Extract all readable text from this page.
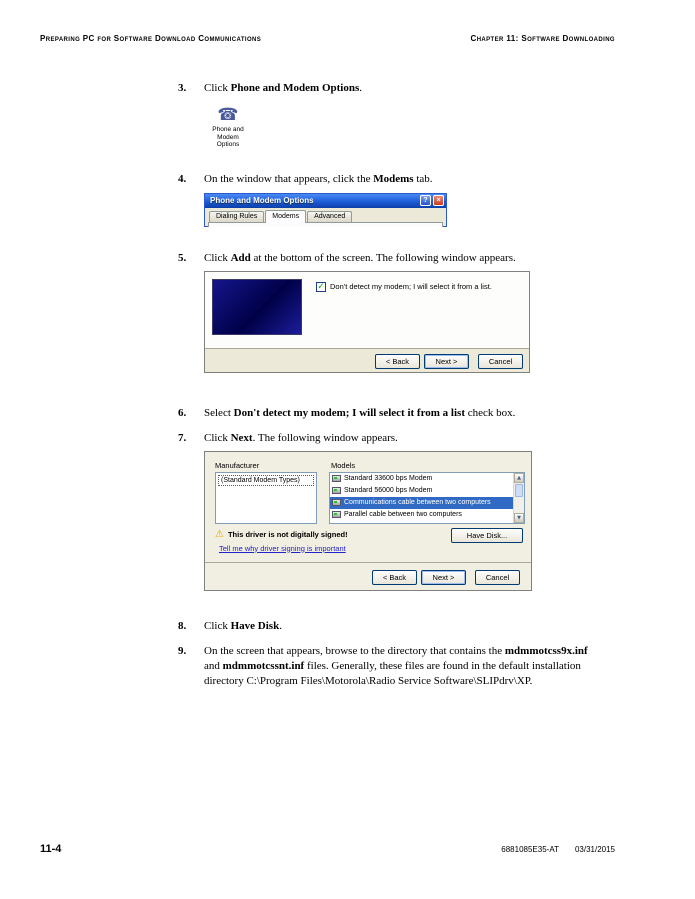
Preparing PC for Software Download Communications	Chapter 11: Software Downloading
3.	Click Phone and Modem Options.
☎
Phone and
Modem
Options
4.	On the window that appears, click the Modems tab.
Phone and Modem Options	?	×
Dialing Rules	Modems	Advanced
5.	Click Add at the bottom of the screen. The following window appears.
✓ Don't detect my modem; I will select it from a list.
< Back	Next >	Cancel
6.	Select Don't detect my modem; I will select it from a list check box.
7.	Click Next. The following window appears.
Manufacturer	Models
(Standard Modem Types)	Standard 33600 bps Modem
Standard 56000 bps Modem
Communications cable between two computers
Parallel cable between two computers
▲
▼
⚠ This driver is not digitally signed!
Tell me why driver signing is important
Have Disk...
< Back	Next >	Cancel
8.	Click Have Disk.
9.	On the screen that appears, browse to the directory that contains the mdmmotcss9x.inf
and mdmmotcssnt.inf files. Generally, these files are found in the default installation
directory C:\Program Files\Motorola\Radio Service Software\SLIPdrv\XP.
11-4	6881085E35-AT 03/31/2015
